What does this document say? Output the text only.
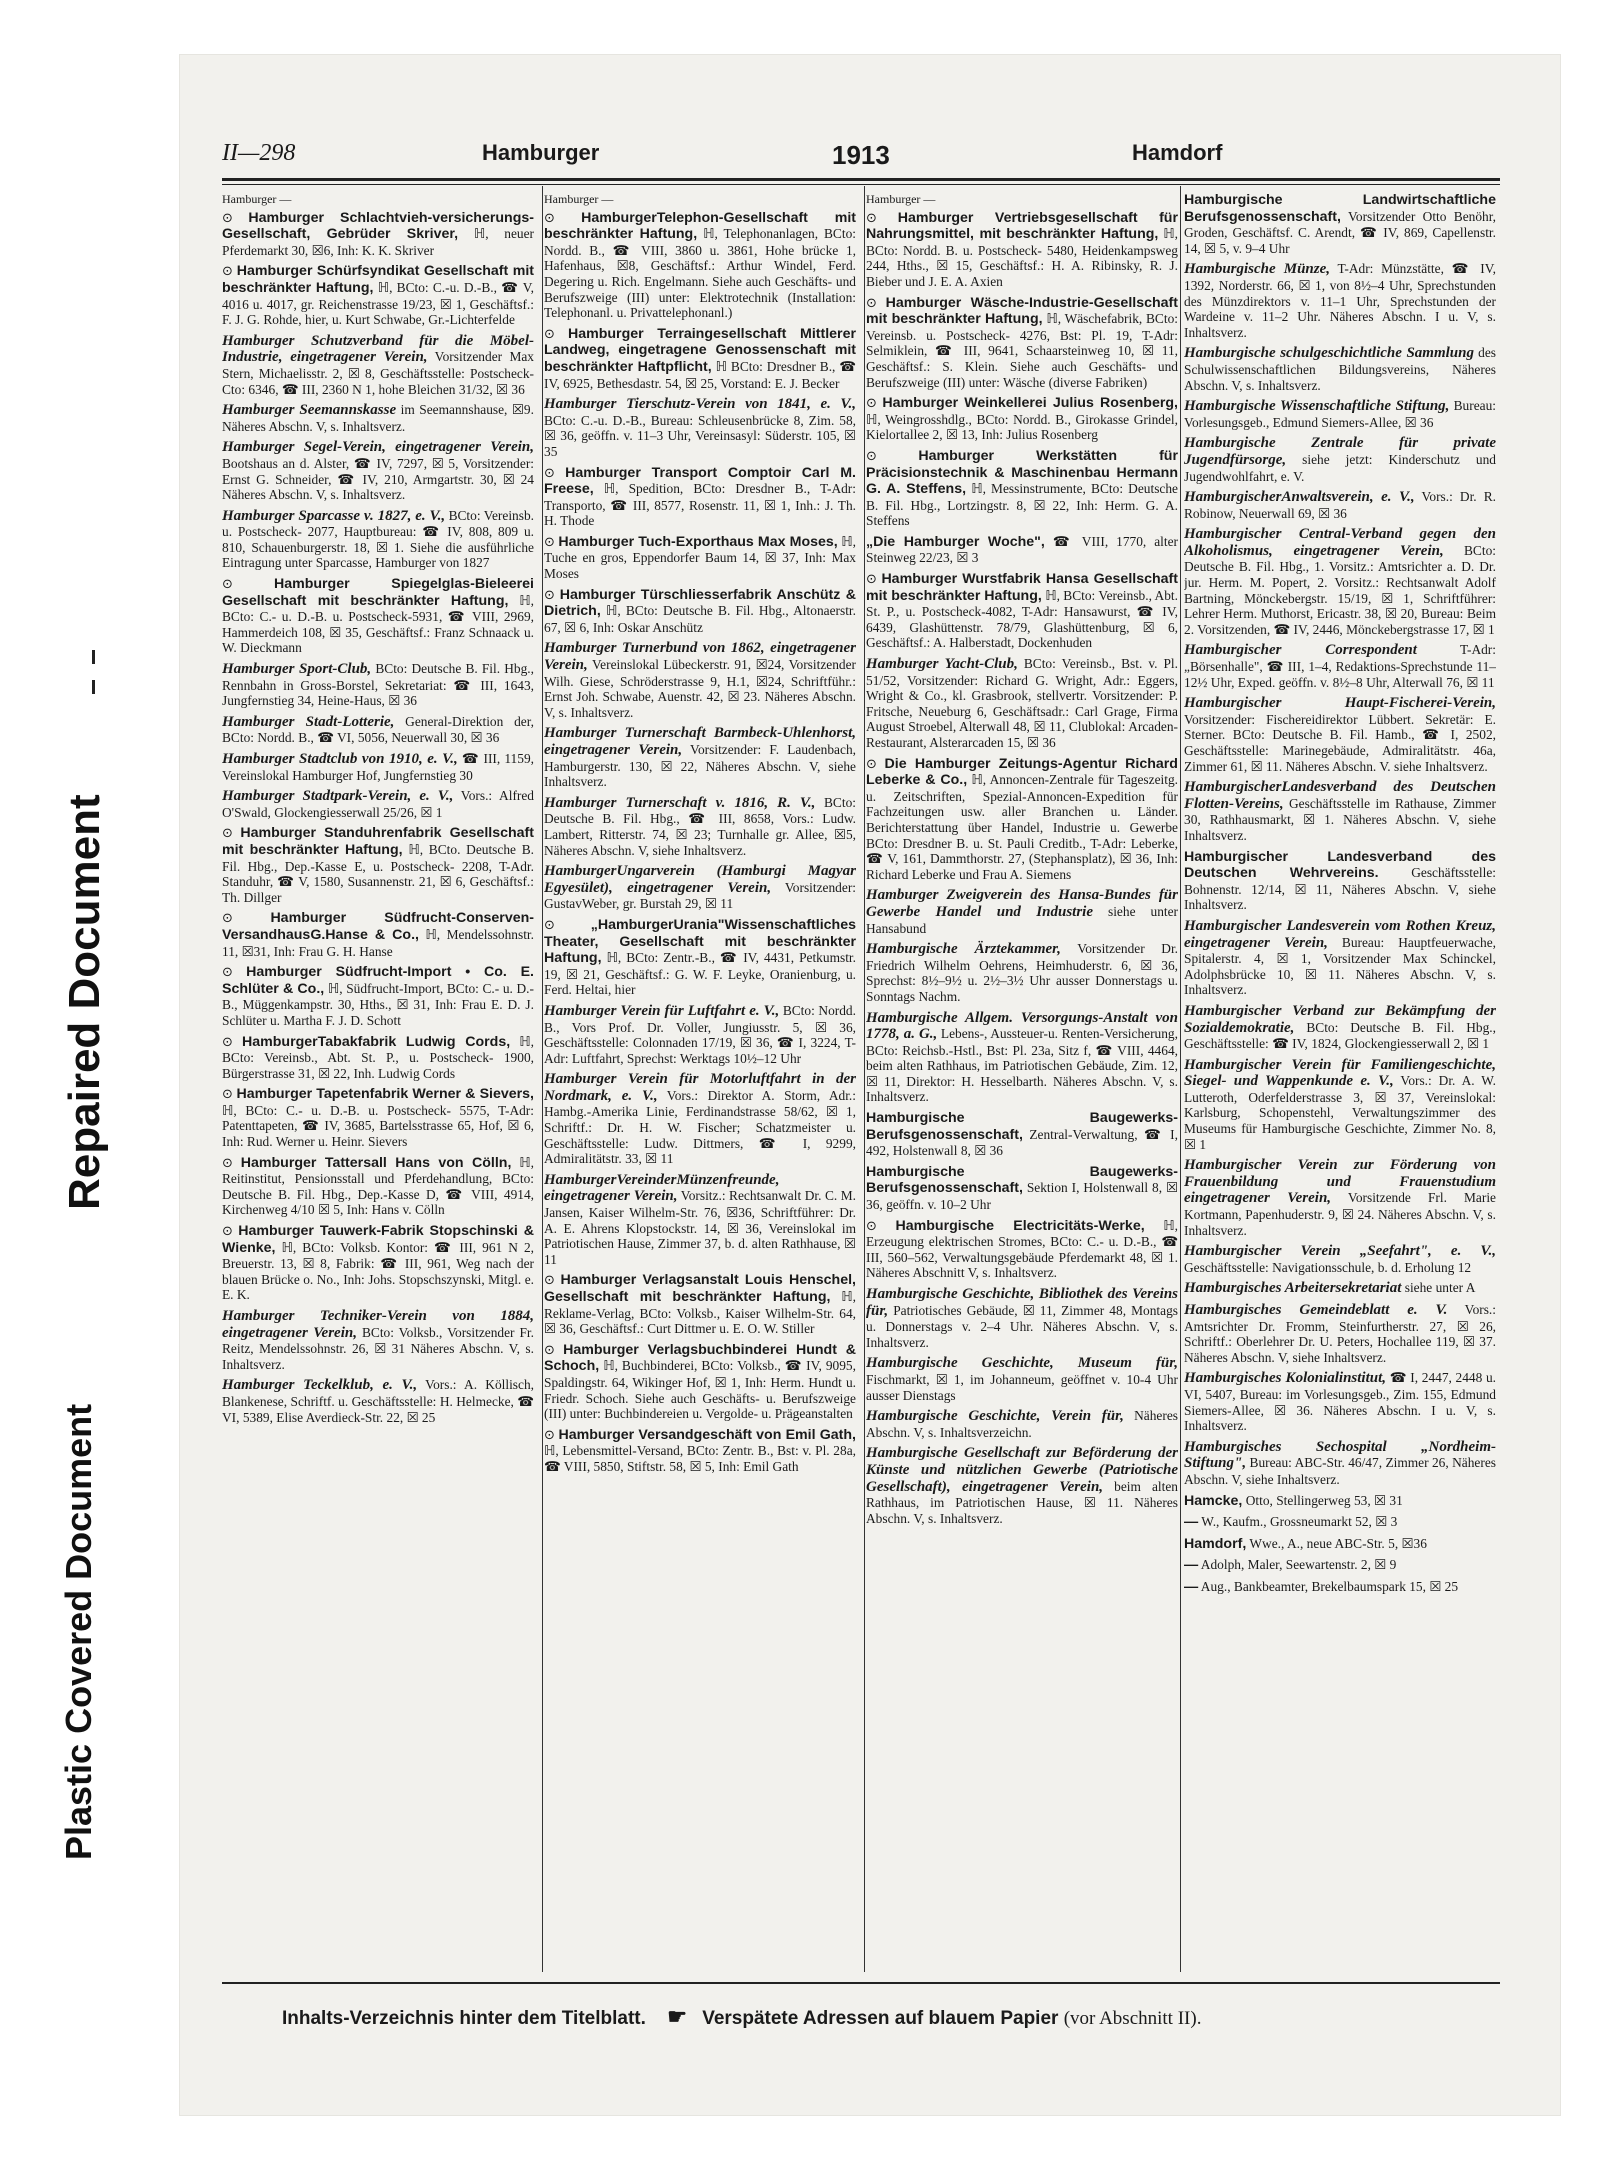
Repaired Document
Plastic Covered Document
II—298	Hamburger	1913	Hamdorf
Hamburger —
⊙ Hamburger Schlachtvieh-versicherungs-Gesellschaft, Gebrüder Skriver, ℍ, neuer Pferdemarkt 30, ☒6, Inh: K. K. Skriver
⊙ Hamburger Schürfsyndikat Gesellschaft mit beschränkter Haftung, ℍ, BCto: C.-u. D.-B., ☎ V, 4016 u. 4017, gr. Reichenstrasse 19/23, ☒ 1, Geschäftsf.: F. J. G. Rohde, hier, u. Kurt Schwabe, Gr.-Lichterfelde
Hamburger Schutzverband für die Möbel-Industrie, eingetragener Verein, Vorsitzender Max Stern, Michaelisstr. 2, ☒ 8, Geschäftsstelle: Postscheck-Cto: 6346, ☎ III, 2360 N 1, hohe Bleichen 31/32, ☒ 36
Hamburger Seemannskasse im Seemannshause, ☒9. Näheres Abschn. V, s. Inhaltsverz.
Hamburger Segel-Verein, eingetragener Verein, Bootshaus an d. Alster, ☎ IV, 7297, ☒ 5, Vorsitzender: Ernst G. Schneider, ☎ IV, 210, Armgartstr. 30, ☒ 24 Näheres Abschn. V, s. Inhaltsverz.
Hamburger Sparcasse v. 1827, e. V., BCto: Vereinsb. u. Postscheck- 2077, Hauptbureau: ☎ IV, 808, 809 u. 810, Schauenburgerstr. 18, ☒ 1. Siehe die ausführliche Eintragung unter Sparcasse, Hamburger von 1827
⊙	Hamburger Spiegelglas-Bieleerei Gesellschaft mit beschränkter Haftung, ℍ, BCto: C.- u. D.-B. u. Postscheck-5931, ☎ VIII, 2969, Hammerdeich 108, ☒ 35, Geschäftsf.: Franz Schnaack u. W. Dieckmann
Hamburger Sport-Club, BCto: Deutsche B. Fil. Hbg., Rennbahn in Gross-Borstel, Sekretariat: ☎ III, 1643, Jungfernstieg 34, Heine-Haus, ☒ 36
Hamburger Stadt-Lotterie, General-Direktion der, BCto: Nordd. B., ☎ VI, 5056, Neuerwall 30, ☒ 36
Hamburger Stadtclub von 1910, e. V., ☎ III, 1159, Vereinslokal Hamburger Hof, Jungfernstieg 30
Hamburger Stadtpark-Verein, e. V., Vors.: Alfred O'Swald, Glockengiesserwall 25/26, ☒ 1
⊙ Hamburger Standuhrenfabrik Gesellschaft mit beschränkter Haftung, ℍ, BCto. Deutsche B. Fil. Hbg., Dep.-Kasse E, u. Postscheck- 2208, T-Adr. Standuhr, ☎ V, 1580, Susannenstr. 21, ☒ 6, Geschäftsf.: Th. Dillger
⊙	Hamburger Südfrucht-Conserven-VersandhausG.Hanse & Co., ℍ, Mendelssohnstr. 11, ☒31, Inh: Frau G. H. Hanse
⊙ Hamburger Südfrucht-Import • Co. E. Schlüter & Co., ℍ, Südfrucht-Import, BCto: C.- u. D.-B., Müggenkampstr. 30, Hths., ☒ 31, Inh: Frau E. D. J. Schlüter u. Martha F. J. D. Schott
⊙ HamburgerTabakfabrik Ludwig Cords, ℍ, BCto: Vereinsb., Abt. St. P., u. Postscheck- 1900, Bürgerstrasse 31, ☒ 22, Inh. Ludwig Cords
⊙ Hamburger Tapetenfabrik Werner & Sievers, ℍ, BCto: C.- u. D.-B. u. Postscheck- 5575, T-Adr: Patenttapeten, ☎ IV, 3685, Bartelsstrasse 65, Hof, ☒ 6, Inh: Rud. Werner u. Heinr. Sievers
⊙ Hamburger Tattersall Hans von Cölln, ℍ, Reitinstitut, Pensionsstall und Pferdehandlung, BCto: Deutsche B. Fil. Hbg., Dep.-Kasse D, ☎ VIII, 4914, Kirchenweg 4/10 ☒ 5, Inh: Hans v. Cölln
⊙ Hamburger Tauwerk-Fabrik Stopschinski & Wienke, ℍ, BCto: Volksb. Kontor: ☎ III, 961 N 2, Breuerstr. 13, ☒ 8, Fabrik: ☎ III, 961, Weg nach der blauen Brücke o. No., Inh: Johs. Stopschszynski, Mitgl. e. E. K.
Hamburger Techniker-Verein von 1884, eingetragener Verein, BCto: Volksb., Vorsitzender Fr. Reitz, Mendelssohnstr. 26, ☒ 31 Näheres Abschn. V, s. Inhaltsverz.
Hamburger Teckelklub, e. V., Vors.: A. Köllisch, Blankenese, Schriftf. u. Geschäftsstelle: H. Helmecke, ☎ VI, 5389, Elise Averdieck-Str. 22, ☒ 25
Hamburger —
⊙ HamburgerTelephon-Gesellschaft mit beschränkter Haftung, ℍ, Telephonanlagen, BCto: Nordd. B., ☎ VIII, 3860 u. 3861, Hohe brücke 1, Hafenhaus, ☒8, Geschäftsf.: Arthur Windel, Ferd. Degering u. Rich. Engelmann. Siehe auch Geschäfts- und Berufszweige (III) unter: Elektrotechnik (Installation: Telephonanl. u. Privattelephonanl.)
⊙ Hamburger Terraingesellschaft Mittlerer Landweg, eingetragene Genossenschaft mit beschränkter Haftpflicht, ℍ BCto: Dresdner B., ☎ IV, 6925, Bethesdastr. 54, ☒ 25, Vorstand: E. J. Becker
Hamburger Tierschutz-Verein von 1841, e. V., BCto: C.-u. D.-B., Bureau: Schleusenbrücke 8, Zim. 58, ☒ 36, geöffn. v. 11–3 Uhr, Vereinsasyl: Süderstr. 105, ☒ 35
⊙ Hamburger Transport Comptoir Carl M. Freese, ℍ, Spedition, BCto: Dresdner B., T-Adr: Transporto, ☎ III, 8577, Rosenstr. 11, ☒ 1, Inh.: J. Th. H. Thode
⊙ Hamburger Tuch-Exporthaus Max Moses, ℍ, Tuche en gros, Eppendorfer Baum 14, ☒ 37, Inh: Max Moses
⊙ Hamburger Türschliesserfabrik Anschütz & Dietrich, ℍ, BCto: Deutsche B. Fil. Hbg., Altonaerstr. 67, ☒ 6, Inh: Oskar Anschütz
Hamburger Turnerbund von 1862, eingetragener Verein, Vereinslokal Lübeckerstr. 91, ☒24, Vorsitzender Wilh. Giese, Schröderstrasse 9, H.1, ☒24, Schriftführ.: Ernst Joh. Schwabe, Auenstr. 42, ☒ 23. Näheres Abschn. V, s. Inhaltsverz.
Hamburger Turnerschaft Barmbeck-Uhlenhorst, eingetragener Verein, Vorsitzender: F. Laudenbach, Hamburgerstr. 130, ☒ 22, Näheres Abschn. V, siehe Inhaltsverz.
Hamburger Turnerschaft v. 1816, R. V., BCto: Deutsche B. Fil. Hbg., ☎ III, 8658, Vors.: Ludw. Lambert, Ritterstr. 74, ☒ 23; Turnhalle gr. Allee, ☒5, Näheres Abschn. V, siehe Inhaltsverz.
HamburgerUngarverein (Hamburgi Magyar Egyesület), eingetragener Verein, Vorsitzender: GustavWeber, gr. Burstah 29, ☒ 11
⊙	„HamburgerUrania"Wissenschaftliches Theater, Gesellschaft mit beschränkter Haftung, ℍ, BCto: Zentr.-B., ☎ IV, 4431, Petkumstr. 19, ☒ 21, Geschäftsf.: G. W. F. Leyke, Oranienburg, u. Ferd. Heltai, hier
Hamburger Verein für Luftfahrt e. V., BCto: Nordd. B., Vors Prof. Dr. Voller, Jungiusstr. 5, ☒ 36, Geschäftsstelle: Colonnaden 17/19, ☒ 36, ☎ I, 3224, T-Adr: Luftfahrt, Sprechst: Werktags 10½–12 Uhr
Hamburger Verein für Motorluftfahrt in der Nordmark, e. V., Vors.: Direktor A. Storm, Adr.: Hambg.-Amerika Linie, Ferdinandstrasse 58/62, ☒ 1, Schriftf.: Dr. H. W. Fischer; Schatzmeister u. Geschäftsstelle: Ludw. Dittmers, ☎ I, 9299, Admiralitätstr. 33, ☒ 11
HamburgerVereinderMünzenfreunde, eingetragener Verein, Vorsitz.: Rechtsanwalt Dr. C. M. Jansen, Kaiser Wilhelm-Str. 76, ☒36, Schriftführer: Dr. A. E. Ahrens Klopstockstr. 14, ☒ 36, Vereinslokal im Patriotischen Hause, Zimmer 37, b. d. alten Rathhause, ☒ 11
⊙ Hamburger Verlagsanstalt Louis Henschel, Gesellschaft mit beschränkter Haftung, ℍ, Reklame-Verlag, BCto: Volksb., Kaiser Wilhelm-Str. 64, ☒ 36, Geschäftsf.: Curt Dittmer u. E. O. W. Stiller
⊙ Hamburger Verlagsbuchbinderei Hundt & Schoch, ℍ, Buchbinderei, BCto: Volksb., ☎ IV, 9095, Spaldingstr. 64, Wikinger Hof, ☒ 1, Inh: Herm. Hundt u. Friedr. Schoch. Siehe auch Geschäfts- u. Berufszweige (III) unter: Buchbindereien u. Vergolde- u. Prägeanstalten
⊙ Hamburger Versandgeschäft von Emil Gath, ℍ, Lebensmittel-Versand, BCto: Zentr. B., Bst: v. Pl. 28a, ☎ VIII, 5850, Stiftstr. 58, ☒ 5, Inh: Emil Gath
Hamburger —
⊙ Hamburger Vertriebsgesellschaft für Nahrungsmittel, mit beschränkter Haftung, ℍ, BCto: Nordd. B. u. Postscheck- 5480, Heidenkampsweg 244, Hths., ☒ 15, Geschäftsf.: H. A. Ribinsky, R. J. Bieber und J. E. A. Axien
⊙ Hamburger Wäsche-Industrie-Gesellschaft mit beschränkter Haftung, ℍ, Wäschefabrik, BCto: Vereinsb. u. Postscheck- 4276, Bst: Pl. 19, T-Adr: Selmiklein, ☎ III, 9641, Schaarsteinweg 10, ☒ 11, Geschäftsf.: S. Klein. Siehe auch Geschäfts- und Berufszweige (III) unter: Wäsche (diverse Fabriken)
⊙ Hamburger Weinkellerei Julius Rosenberg, ℍ, Weingrosshdlg., BCto: Nordd. B., Girokasse Grindel, Kielortallee 2, ☒ 13, Inh: Julius Rosenberg
⊙	Hamburger Werkstätten für Präcisionstechnik & Maschinenbau Hermann G. A. Steffens, ℍ, Messinstrumente, BCto: Deutsche B. Fil. Hbg., Lortzingstr. 8, ☒ 22, Inh: Herm. G. A. Steffens
„Die Hamburger Woche", ☎ VIII, 1770, alter Steinweg 22/23, ☒ 3
⊙ Hamburger Wurstfabrik Hansa Gesellschaft mit beschränkter Haftung, ℍ, BCto: Vereinsb., Abt. St. P., u. Postscheck-4082, T-Adr: Hansawurst, ☎ IV, 6439, Glashüttenstr. 78/79, Glashüttenburg, ☒ 6, Geschäftsf.: A. Halberstadt, Dockenhuden
Hamburger Yacht-Club, BCto: Vereinsb., Bst. v. Pl. 51/52, Vorsitzender: Richard G. Wright, Adr.: Eggers, Wright & Co., kl. Grasbrook, stellvertr. Vorsitzender: P. Fritsche, Neueburg 6, Geschäftsadr.: Carl Grage, Firma August Stroebel, Alterwall 48, ☒ 11, Clublokal: Arcaden-Restaurant, Alsterarcaden 15, ☒ 36
⊙ Die Hamburger Zeitungs-Agentur Richard Leberke & Co., ℍ, Annoncen-Zentrale für Tageszeitg. u. Zeitschriften, Spezial-Annoncen-Expedition für Fachzeitungen usw. aller Branchen u. Länder. Berichterstattung über Handel, Industrie u. Gewerbe BCto: Dresdner B. u. St. Pauli Creditb., T-Adr: Leberke, ☎ V, 161, Dammthorstr. 27, (Stephansplatz), ☒ 36, Inh: Richard Leberke und Frau A. Siemens
Hamburger Zweigverein des Hansa-Bundes für Gewerbe Handel und Industrie siehe unter Hansabund
Hamburgische Ärztekammer, Vorsitzender Dr. Friedrich Wilhelm Oehrens, Heimhuderstr. 6, ☒ 36, Sprechst: 8½–9½ u. 2½–3½ Uhr ausser Donnerstags u. Sonntags Nachm.
Hamburgische Allgem. Versorgungs-Anstalt von 1778, a. G., Lebens-, Aussteuer-u. Renten-Versicherung, BCto: Reichsb.-Hstl., Bst: Pl. 23a, Sitz f, ☎ VIII, 4464, beim alten Rathhaus, im Patriotischen Gebäude, Zim. 12, ☒ 11, Direktor: H. Hesselbarth. Näheres Abschn. V, s. Inhaltsverz.
Hamburgische Baugewerks-Berufsgenossenschaft, Zentral-Verwaltung, ☎ I, 492, Holstenwall 8, ☒ 36
Hamburgische Baugewerks-Berufsgenossenschaft, Sektion I, Holstenwall 8, ☒ 36, geöffn. v. 10–2 Uhr
⊙ Hamburgische Electricitäts-Werke, ℍ, Erzeugung elektrischen Stromes, BCto: C.- u. D.-B., ☎ III, 560–562, Verwaltungsgebäude Pferdemarkt 48, ☒ 1. Näheres Abschnitt V, s. Inhaltsverz.
Hamburgische Geschichte, Bibliothek des Vereins für, Patriotisches Gebäude, ☒ 11, Zimmer 48, Montags u. Donnerstags v. 2–4 Uhr. Näheres Abschn. V, s. Inhaltsverz.
Hamburgische Geschichte, Museum für, Fischmarkt, ☒ 1, im Johanneum, geöffnet v. 10-4 Uhr ausser Dienstags
Hamburgische Geschichte, Verein für, Näheres Abschn. V, s. Inhaltsverzeichn.
Hamburgische Gesellschaft zur Beförderung der Künste und nützlichen Gewerbe (Patriotische Gesellschaft), eingetragener Verein, beim alten Rathhaus, im Patriotischen Hause, ☒ 11. Näheres Abschn. V, s. Inhaltsverz.
Hamburgische Landwirtschaftliche Berufsgenossenschaft, Vorsitzender Otto Benöhr, Groden, Geschäftsf. C. Arendt, ☎ IV, 869, Capellenstr. 14, ☒ 5, v. 9–4 Uhr
Hamburgische Münze, T-Adr: Münzstätte, ☎ IV, 1392, Norderstr. 66, ☒ 1, von 8½–4 Uhr, Sprechstunden des Münzdirektors v. 11–1 Uhr, Sprechstunden der Wardeine v. 11–2 Uhr. Näheres Abschn. I u. V, s. Inhaltsverz.
Hamburgische schulgeschichtliche Sammlung des Schulwissenschaftlichen Bildungsvereins, Näheres Abschn. V, s. Inhaltsverz.
Hamburgische Wissenschaftliche Stiftung, Bureau: Vorlesungsgeb., Edmund Siemers-Allee, ☒ 36
Hamburgische Zentrale für private Jugendfürsorge, siehe jetzt: Kinderschutz und Jugendwohlfahrt, e. V.
HamburgischerAnwaltsverein, e. V., Vors.: Dr. R. Robinow, Neuerwall 69, ☒ 36
Hamburgischer Central-Verband gegen den Alkoholismus, eingetragener Verein, BCto: Deutsche B. Fil. Hbg., 1. Vorsitz.: Amtsrichter a. D. Dr. jur. Herm. M. Popert, 2. Vorsitz.: Rechtsanwalt Adolf Bartning, Mönckebergstr. 15/19, ☒ 1, Schriftführer: Lehrer Herm. Muthorst, Ericastr. 38, ☒ 20, Bureau: Beim 2. Vorsitzenden, ☎ IV, 2446, Mönckebergstrasse 17, ☒ 1
Hamburgischer Correspondent	T-Adr: „Börsenhalle", ☎ III, 1–4, Redaktions-Sprechstunde 11–12½ Uhr, Exped. geöffn. v. 8½–8 Uhr, Alterwall 76, ☒ 11
Hamburgischer Haupt-Fischerei-Verein, Vorsitzender: Fischereidirektor Lübbert. Sekretär: E. Sterner. BCto: Deutsche B. Fil. Hamb., ☎ I, 2502, Geschäftsstelle: Marinegebäude, Admiralitätstr. 46a, Zimmer 61, ☒ 11. Näheres Abschn. V. siehe Inhaltsverz.
HamburgischerLandesverband des Deutschen Flotten-Vereins, Geschäftsstelle im Rathause, Zimmer 30, Rathhausmarkt, ☒ 1. Näheres Abschn. V, siehe Inhaltsverz.
Hamburgischer Landesverband des Deutschen Wehrvereins. Geschäftsstelle: Bohnenstr. 12/14, ☒ 11, Näheres Abschn. V, siehe Inhaltsverz.
Hamburgischer Landesverein vom Rothen Kreuz, eingetragener Verein, Bureau: Hauptfeuerwache, Spitalerstr. 4, ☒ 1, Vorsitzender Max Schinckel, Adolphsbrücke 10, ☒ 11. Näheres Abschn. V, s. Inhaltsverz.
Hamburgischer Verband zur Bekämpfung der Sozialdemokratie, BCto: Deutsche B. Fil. Hbg., Geschäftsstelle: ☎ IV, 1824, Glockengiesserwall 2, ☒ 1
Hamburgischer Verein für Familiengeschichte, Siegel- und Wappenkunde e. V., Vors.: Dr. A. W. Lutteroth, Oderfelderstrasse 3, ☒ 37, Vereinslokal: Karlsburg, Schopenstehl, Verwaltungszimmer des Museums für Hamburgische Geschichte, Zimmer No. 8, ☒ 1
Hamburgischer Verein zur Förderung von Frauenbildung und Frauenstudium eingetragener Verein, Vorsitzende Frl. Marie Kortmann, Papenhuderstr. 9, ☒ 24. Näheres Abschn. V, s. Inhaltsverz.
Hamburgischer Verein „Seefahrt", e. V., Geschäftsstelle: Navigationsschule, b. d. Erholung 12
Hamburgisches Arbeitersekretariat siehe unter A
Hamburgisches Gemeindeblatt e. V. Vors.: Amtsrichter Dr. Fromm, Steinfurtherstr. 27, ☒ 26, Schriftf.: Oberlehrer Dr. U. Peters, Hochallee 119, ☒ 37. Näheres Abschn. V, siehe Inhaltsverz.
Hamburgisches Kolonialinstitut, ☎ I, 2447, 2448 u. VI, 5407, Bureau: im Vorlesungsgeb., Zim. 155, Edmund Siemers-Allee, ☒ 36. Näheres Abschn. I u. V, s. Inhaltsverz.
Hamburgisches Sechospital „Nordheim-Stiftung", Bureau: ABC-Str. 46/47, Zimmer 26, Näheres Abschn. V, siehe Inhaltsverz.
Hamcke, Otto, Stellingerweg 53, ☒ 31
— W., Kaufm., Grossneumarkt 52, ☒ 3
Hamdorf, Wwe., A., neue ABC-Str. 5, ☒36
— Adolph, Maler, Seewartenstr. 2, ☒ 9
— Aug., Bankbeamter, Brekelbaumspark 15, ☒ 25
Inhalts-Verzeichnis hinter dem Titelblatt. ☛ Verspätete Adressen auf blauem Papier (vor Abschnitt II).
